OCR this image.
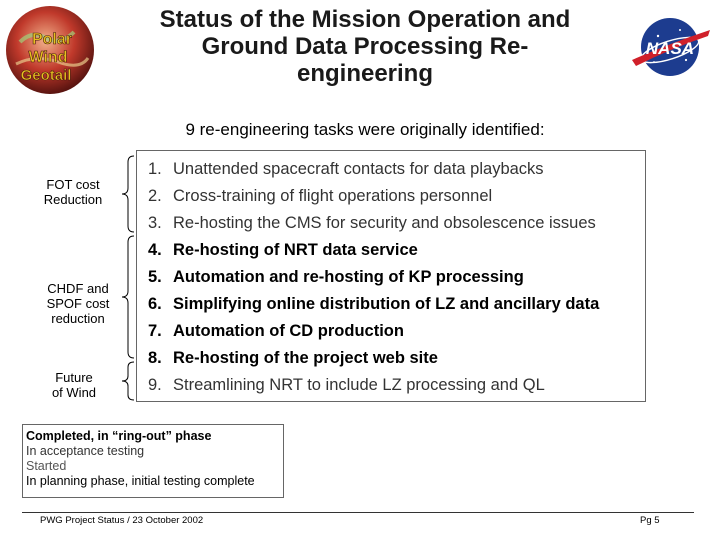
Polar
Wind
Geotail
Status of the Mission Operation and
Ground Data Processing Re-
engineering
NASA
9 re-engineering tasks were originally identified:
FOT cost
Reduction
CHDF and
SPOF cost
reduction
Future
of Wind
1. Unattended spacecraft contacts for data playbacks
2. Cross-training of flight operations personnel
3. Re-hosting the CMS for security and obsolescence issues
4. Re-hosting of NRT data service
5. Automation and re-hosting of KP processing
6. Simplifying online distribution of LZ and ancillary data
7. Automation of CD production
8. Re-hosting of the project web site
9. Streamlining NRT to include LZ processing and QL
Completed, in “ring-out” phase
In acceptance testing
Started
In planning phase, initial testing complete
PWG Project Status / 23 October 2002	Pg 5
